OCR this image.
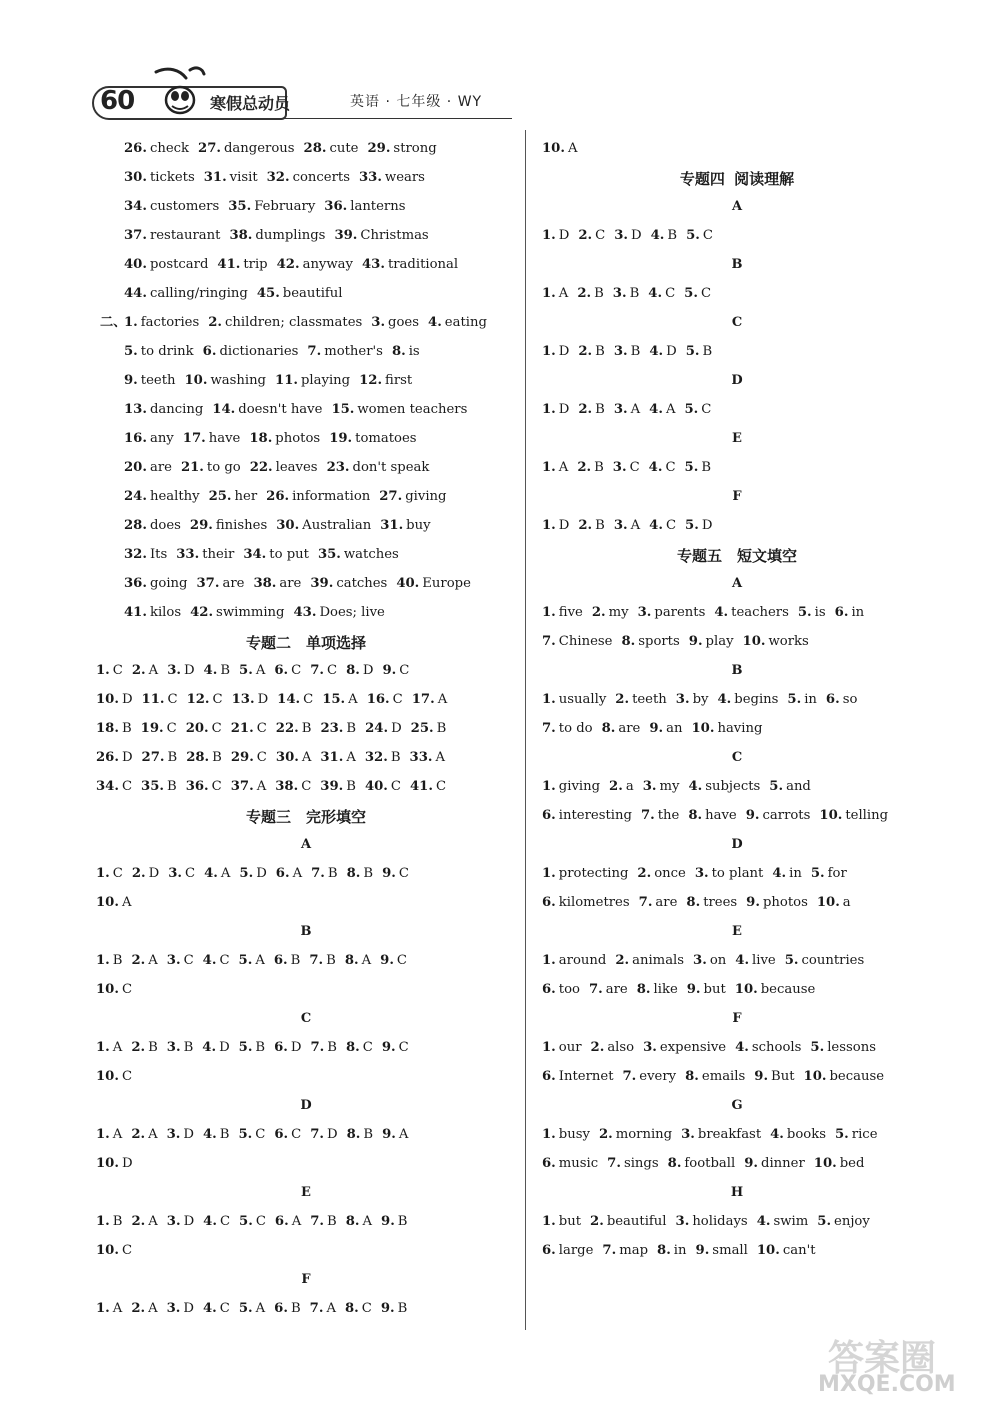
60	寒假总动员	英语 · 七年级 · WY
26. check 27. dangerous 28. cute 29. strong
30. tickets 31. visit 32. concerts 33. wears
34. customers 35. February 36. lanterns
37. restaurant 38. dumplings 39. Christmas
40. postcard 41. trip 42. anyway 43. traditional
44. calling/ringing 45. beautiful
二、
1. factories 2. children; classmates 3. goes 4. eating
5. to drink 6. dictionaries 7. mother's 8. is
9. teeth 10. washing 11. playing 12. first
13. dancing 14. doesn't have 15. women teachers
16. any 17. have 18. photos 19. tomatoes
20. are 21. to go 22. leaves 23. don't speak
24. healthy 25. her 26. information 27. giving
28. does 29. finishes 30. Australian 31. buy
32. Its 33. their 34. to put 35. watches
36. going 37. are 38. are 39. catches 40. Europe
41. kilos 42. swimming 43. Does; live
专题二　单项选择
1. C 2. A 3. D 4. B 5. A 6. C 7. C 8. D 9. C
10. D 11. C 12. C 13. D 14. C 15. A 16. C 17. A
18. B 19. C 20. C 21. C 22. B 23. B 24. D 25. B
26. D 27. B 28. B 29. C 30. A 31. A 32. B 33. A
34. C 35. B 36. C 37. A 38. C 39. B 40. C 41. C
专题三　完形填空
A
1. C 2. D 3. C 4. A 5. D 6. A 7. B 8. B 9. C
10. A
B
1. B 2. A 3. C 4. C 5. A 6. B 7. B 8. A 9. C
10. C
C
1. A 2. B 3. B 4. D 5. B 6. D 7. B 8. C 9. C
10. C
D
1. A 2. A 3. D 4. B 5. C 6. C 7. D 8. B 9. A
10. D
E
1. B 2. A 3. D 4. C 5. C 6. A 7. B 8. A 9. B
10. C
F
1. A 2. A 3. D 4. C 5. A 6. B 7. A 8. C 9. B
10. A
专题四 阅读理解
A
1. D 2. C 3. D 4. B 5. C
B
1. A 2. B 3. B 4. C 5. C
C
1. D 2. B 3. B 4. D 5. B
D
1. D 2. B 3. A 4. A 5. C
E
1. A 2. B 3. C 4. C 5. B
F
1. D 2. B 3. A 4. C 5. D
专题五　短文填空
A
1. five 2. my 3. parents 4. teachers 5. is 6. in
7. Chinese 8. sports 9. play 10. works
B
1. usually 2. teeth 3. by 4. begins 5. in 6. so
7. to do 8. are 9. an 10. having
C
1. giving 2. a 3. my 4. subjects 5. and
6. interesting 7. the 8. have 9. carrots 10. telling
D
1. protecting 2. once 3. to plant 4. in 5. for
6. kilometres 7. are 8. trees 9. photos 10. a
E
1. around 2. animals 3. on 4. live 5. countries
6. too 7. are 8. like 9. but 10. because
F
1. our 2. also 3. expensive 4. schools 5. lessons
6. Internet 7. every 8. emails 9. But 10. because
G
1. busy 2. morning 3. breakfast 4. books 5. rice
6. music 7. sings 8. football 9. dinner 10. bed
H
1. but 2. beautiful 3. holidays 4. swim 5. enjoy
6. large 7. map 8. in 9. small 10. can't
答案圈
MXQE.COM
